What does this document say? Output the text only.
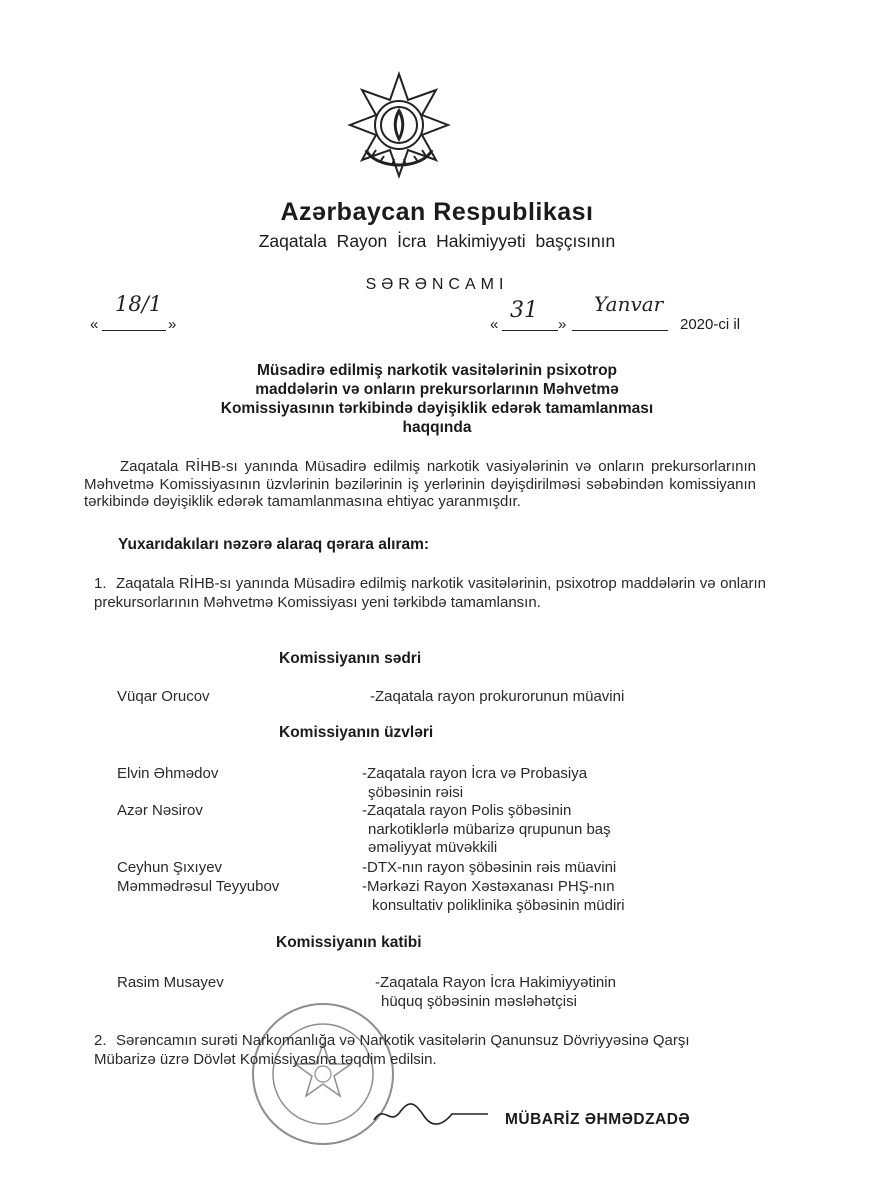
Azərbaycan Respublikası
Zaqatala Rayon İcra Hakimiyyəti başçısının
SƏRƏNCAMI
«
18/1
»	«
31
»
Yanvar
2020-ci il
Müsadirə edilmiş narkotik vasitələrinin psixotrop maddələrin və onların prekursorlarının Məhvetmə Komissiyasının tərkibində dəyişiklik edərək tamamlanması haqqında
Zaqatala RİHB-sı yanında Müsadirə edilmiş narkotik vasiyələrinin və onların prekursorlarının Məhvetmə Komissiyasının üzvlərinin bəzilərinin iş yerlərinin dəyişdirilməsi səbəbindən komissiyanın tərkibində dəyişiklik edərək tamamlanmasına ehtiyac yaranmışdır.
Yuxarıdakıları nəzərə alaraq qərara alıram:
1. Zaqatala RİHB-sı yanında Müsadirə edilmiş narkotik vasitələrinin, psixotrop maddələrin və onların prekursorlarının Məhvetmə Komissiyası yeni tərkibdə tamamlansın.
Komissiyanın sədri
Vüqar Orucov	-Zaqatala rayon prokurorunun müavini
Komissiyanın üzvləri
Elvin Əhmədov	-Zaqatala rayon İcra və Probasiya
şöbəsinin rəisi
Azər Nəsirov	-Zaqatala rayon Polis şöbəsinin
narkotiklərlə mübarizə qrupunun baş
əməliyyat müvəkkili
Ceyhun Şıxıyev	-DTX-nın rayon şöbəsinin rəis müavini
Məmmədrəsul Teyyubov	-Mərkəzi Rayon Xəstəxanası PHŞ-nın
konsultativ poliklinika şöbəsinin müdiri
Komissiyanın katibi
Rasim Musayev	-Zaqatala Rayon İcra Hakimiyyətinin
hüquq şöbəsinin məsləhətçisi
2. Sərəncamın surəti Narkomanlığa və Narkotik vasitələrin Qanunsuz Dövriyyəsinə Qarşı Mübarizə üzrə Dövlət Komissiyasına təqdim edilsin.
MÜBARİZ ƏHMƏDZADƏ
